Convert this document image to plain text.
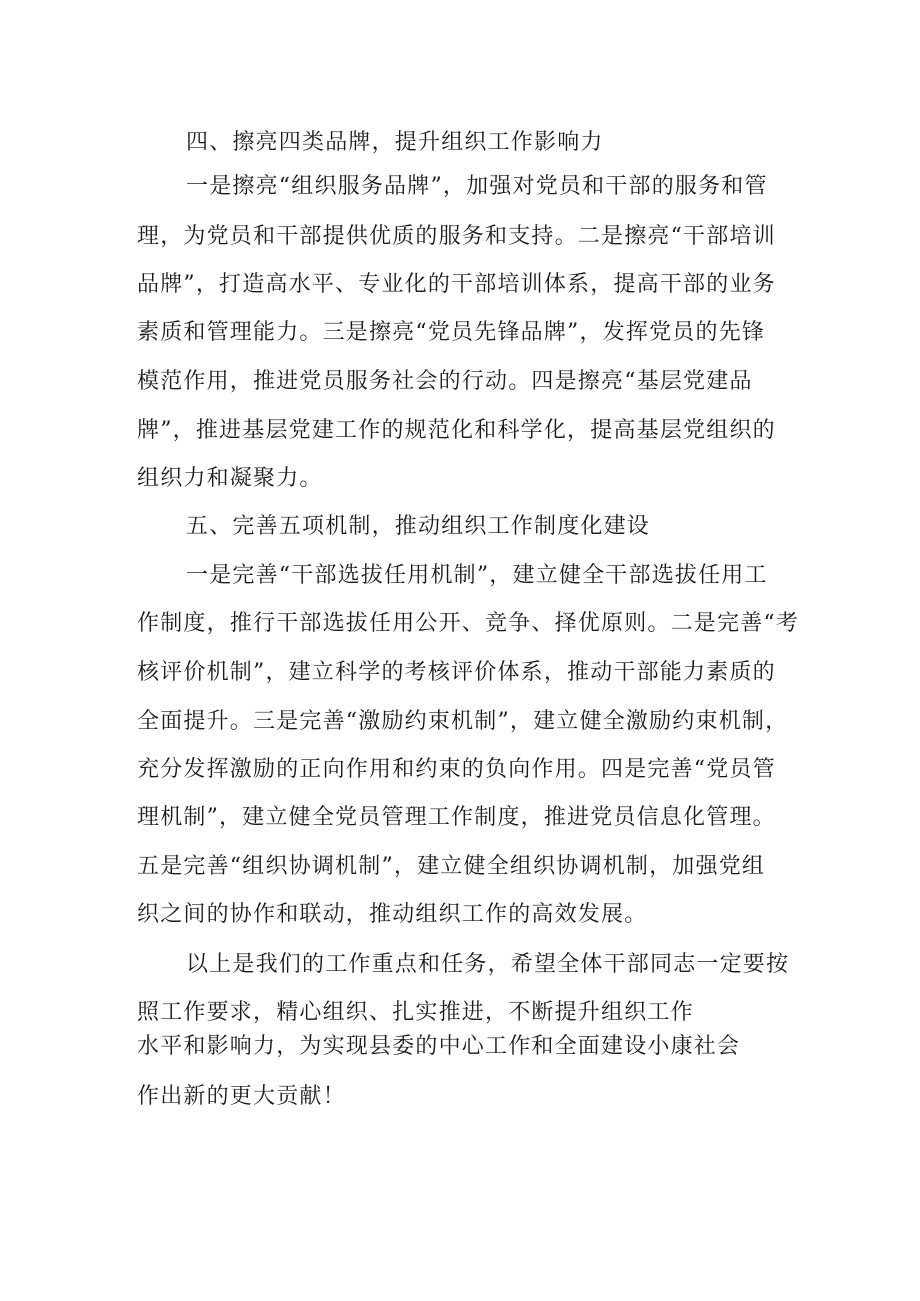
四、擦亮四类品牌，提升组织工作影响力
一是擦亮“组织服务品牌”，加强对党员和干部的服务和管
理，为党员和干部提供优质的服务和支持。二是擦亮“干部培训
品牌”，打造高水平、专业化的干部培训体系，提高干部的业务
素质和管理能力。三是擦亮“党员先锋品牌”，发挥党员的先锋
模范作用，推进党员服务社会的行动。四是擦亮“基层党建品
牌”，推进基层党建工作的规范化和科学化，提高基层党组织的
组织力和凝聚力。
五、完善五项机制，推动组织工作制度化建设
一是完善“干部选拔任用机制”，建立健全干部选拔任用工
作制度，推行干部选拔任用公开、竞争、择优原则。二是完善“考
核评价机制”，建立科学的考核评价体系，推动干部能力素质的
全面提升。三是完善“激励约束机制”，建立健全激励约束机制，
充分发挥激励的正向作用和约束的负向作用。四是完善“党员管
理机制”，建立健全党员管理工作制度，推进党员信息化管理。
五是完善“组织协调机制”，建立健全组织协调机制，加强党组
织之间的协作和联动，推动组织工作的高效发展。
以上是我们的工作重点和任务，希望全体干部同志一定要按
照工作要求，精心组织、扎实推进，不断提升组织工作
水平和影响力，为实现县委的中心工作和全面建设小康社会
作出新的更大贡献！
